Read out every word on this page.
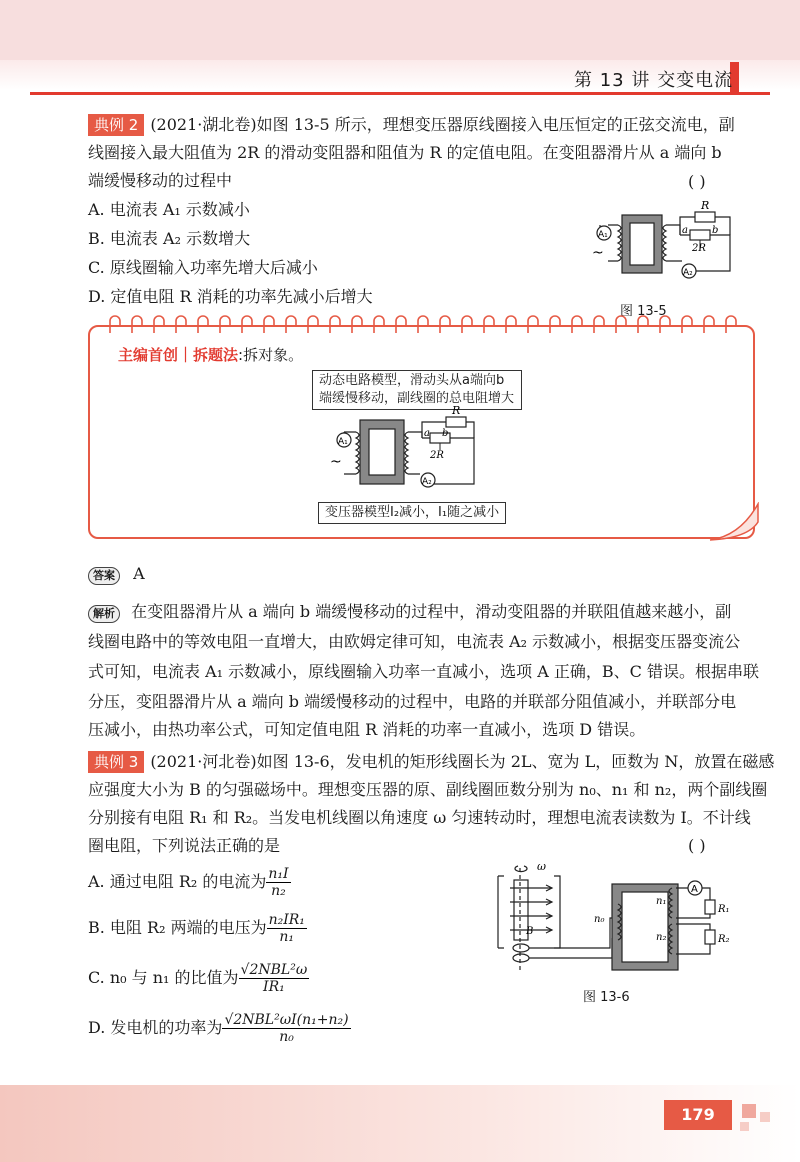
第 13 讲 交变电流
典例 2 (2021·湖北卷)如图 13-5 所示，理想变压器原线圈接入电压恒定的正弦交流电，副
线圈接入最大阻值为 2R 的滑动变阻器和阻值为 R 的定值电阻。在变阻器滑片从 a 端向 b
端缓慢移动的过程中	( )
A. 电流表 A₁ 示数减小
B. 电流表 A₂ 示数增大
C. 原线圈输入功率先增大后减小
D. 定值电阻 R 消耗的功率先减小后增大
A₁
A₂
R
a b
2R
~
图 13-5
主编首创｜拆题法:拆对象。
动态电路模型，滑动头从a端向b端缓慢移动，副线圈的总电阻增大
A₁
A₂
R
a b
2R
~
变压器模型I₂减小，I₁随之减小
答案 A
解析 在变阻器滑片从 a 端向 b 端缓慢移动的过程中，滑动变阻器的并联阻值越来越小，副
线圈电路中的等效电阻一直增大，由欧姆定律可知，电流表 A₂ 示数减小，根据变压器变流公
式可知，电流表 A₁ 示数减小，原线圈输入功率一直减小，选项 A 正确，B、C 错误。根据串联
分压，变阻器滑片从 a 端向 b 端缓慢移动的过程中，电路的并联部分阻值减小，并联部分电
压减小，由热功率公式，可知定值电阻 R 消耗的功率一直减小，选项 D 错误。
典例 3 (2021·河北卷)如图 13-6，发电机的矩形线圈长为 2L、宽为 L，匝数为 N，放置在磁感
应强度大小为 B 的匀强磁场中。理想变压器的原、副线圈匝数分别为 n₀、n₁ 和 n₂，两个副线圈
分别接有电阻 R₁ 和 R₂。当发电机线圈以角速度 ω 匀速转动时，理想电流表读数为 I。不计线
圈电阻，下列说法正确的是	( )
A. 通过电阻 R₂ 的电流为 $\frac{\text{n₁I}}{\text{n₂}}$
B. 电阻 R₂ 两端的电压为 $\frac{\text{n₂IR₁}}{\text{n₁}}$
C. n₀ 与 n₁ 的比值为 $\frac{\text{√2NBL²ω}}{\text{IR₁}}$
D. 发电机的功率为 $\frac{\text{√2NBL²ωI(n₁+n₂)}}{\text{n₀}}$
ω
B
n₀
n₁
n₂
R₁
R₂
A
图 13-6
179
